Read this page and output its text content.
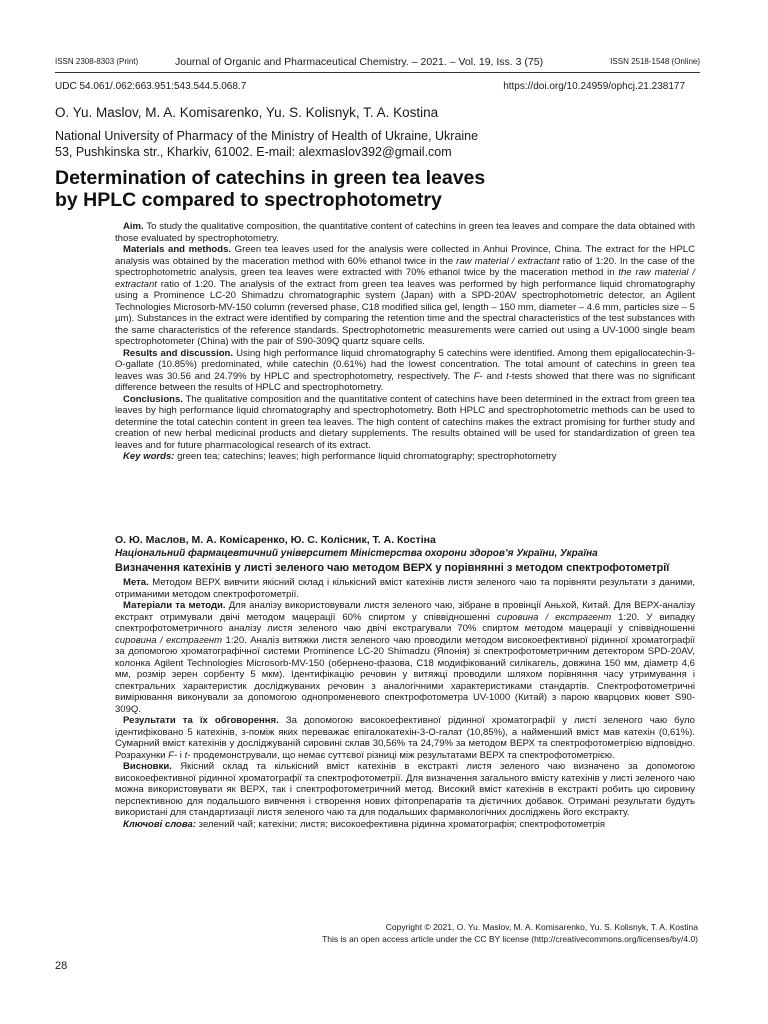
ISSN 2308-8303 (Print)	Journal of Organic and Pharmaceutical Chemistry. – 2021. – Vol. 19, Iss. 3 (75)	ISSN 2518-1548 (Online)
UDC 54.061/.062:663.951:543.544.5.068.7	https://doi.org/10.24959/ophcj.21.238177
O. Yu. Maslov, M. A. Komisarenko, Yu. S. Kolisnyk, T. A. Kostina
National University of Pharmacy of the Ministry of Health of Ukraine, Ukraine
53, Pushkinska str., Kharkiv, 61002. E-mail: alexmaslov392@gmail.com
Determination of catechins in green tea leaves
by HPLC compared to spectrophotometry

Aim. To study the qualitative composition, the quantitative content of catechins in green tea leaves and compare the data obtained with those evaluated by spectrophotometry.

Materials and methods. Green tea leaves used for the analysis were collected in Anhui Province, China. The extract for the HPLC analysis was obtained by the maceration method with 60% ethanol twice in the raw material / extractant ratio of 1:20. In the case of the spectrophotometric analysis, green tea leaves were extracted with 70% ethanol twice by the maceration method in the raw material / extractant ratio of 1:20. The analysis of the extract from green tea leaves was performed by high performance liquid chromatography using a Prominence LC-20 Shimadzu chromatographic system (Japan) with a SPD-20AV spectrophotometric detector, an Agilent Technologies Microsorb-MV-150 column (reversed phase, C18 modified silica gel, length – 150 mm, diameter – 4.6 mm, particles size – 5 µm). Substances in the extract were identified by comparing the retention time and the spectral characteristics of the test substances with the same characteristics of the reference standards. Spectrophotometric measurements were carried out using a UV-1000 single beam spectrophotometer (China) with the pair of S90-309Q quartz square cells.

Results and discussion. Using high performance liquid chromatography 5 catechins were identified. Among them epigallocatechin-3-O-gallate (10.85%) predominated, while catechin (0.61%) had the lowest concentration. The total amount of catechins in green tea leaves was 30.56 and 24.79% by HPLC and spectrophotometry, respectively. The F- and t-tests showed that there was no significant difference between the results of HPLC and spectrophotometry.

Conclusions. The qualitative composition and the quantitative content of catechins have been determined in the extract from green tea leaves by high performance liquid chromatography and spectrophotometry. Both HPLC and spectrophotometric methods can be used to determine the total catechin content in green tea leaves. The high content of catechins makes the extract promising for further study and creation of new herbal medicinal products and dietary supplements. The results obtained will be used for standardization of green tea leaves and for future pharmacological research of its extract.

Key words: green tea; catechins; leaves; high performance liquid chromatography; spectrophotometry

О. Ю. Маслов, М. А. Комісаренко, Ю. С. Колісник, Т. А. Костіна
Національний фармацевтичний університет Міністерства охорони здоров’я України, Україна
Визначення катехінів у листі зеленого чаю методом ВЕРХ у порівнянні з методом спектрофотометрії

Мета. Методом ВЕРХ вивчити якісний склад і кількісний вміст катехінів листя зеленого чаю та порівняти результати з даними, отриманими методом спектрофотометрії.

Матеріали та методи. Для аналізу використовували листя зеленого чаю, зібране в провінції Аньхой, Китай. Для ВЕРХ-аналізу екстракт отримували двічі методом мацерації 60% спиртом у співвідношенні сировина / екстрагент 1:20. У випадку спектрофотометричного аналізу листя зеленого чаю двічі екстрагували 70% спиртом методом мацерації у співвідношенні сировина / екстрагент 1:20. Аналіз витяжки листя зеленого чаю проводили методом високоефективної рідинної хроматографії за допомогою хроматографічної системи Prominence LC-20 Shimadzu (Японія) зі спектрофотометричним детектором SPD-20AV, колонка Agilent Technologies Microsorb-MV-150 (обернено-фазова, C18 модифікований силікагель, довжина 150 мм, діаметр 4,6 мм, розмір зерен сорбенту 5 мкм). Ідентифікацію речовин у витяжці проводили шляхом порівняння часу утримування і спектральних характеристик досліджуваних речовин з аналогічними характеристиками стандартів. Спектрофотометричні вимірювання виконували за допомогою однопроменевого спектрофотометра UV-1000 (Китай) з парою кварцових кювет S90-309Q.

Результати та їх обговорення. За допомогою високоефективної рідинної хроматографії у листі зеленого чаю було ідентифіковано 5 катехінів, з-поміж яких переважає епігалокатехін-3-O-галат (10,85%), а найменший вміст мав катехін (0,61%). Сумарний вміст катехінів у досліджуваній сировині склав 30,56% та 24,79% за методом ВЕРХ та спектрофотометрією відповідно. Розрахунки F- і t- продемонстрували, що немає суттєвої різниці між результатами ВЕРХ та спектрофотометрією.

Висновки. Якісний склад та кількісний вміст катехінів в екстракті листя зеленого чаю визначено за допомогою високоефективної рідинної хроматографії та спектрофотометрії. Для визначення загального вмісту катехінів у листі зеленого чаю можна використовувати як ВЕРХ, так і спектрофотометричний метод. Високий вміст катехінів в екстракті робить цю сировину перспективною для подальшого вивчення і створення нових фітопрепаратів та дієтичних добавок. Отримані результати будуть використані для стандартизації листя зеленого чаю та для подальших фармакологічних досліджень його екстракту.

Ключові слова: зелений чай; катехіни; листя; високоефективна рідинна хроматографія; спектрофотометрія

Copyright © 2021, O. Yu. Maslov, M. A. Komisarenko, Yu. S. Kolisnyk, T. A. Kostina
This is an open access article under the CC BY license (http://creativecommons.org/licenses/by/4.0)
28
